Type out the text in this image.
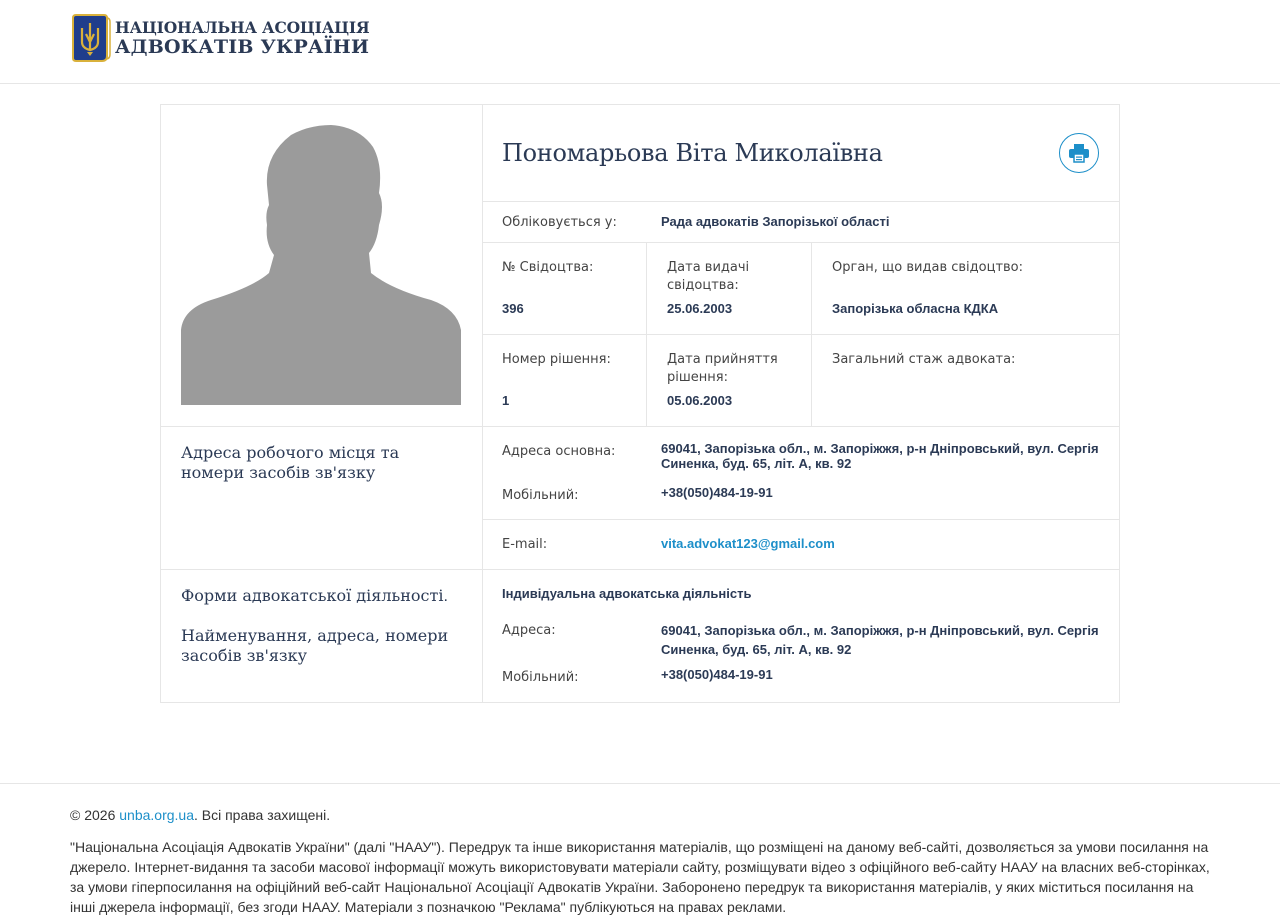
НАЦІОНАЛЬНА АСОЦІАЦІЯ
АДВОКАТІВ УКРАЇНИ
Пономарьова Віта Миколаївна
Обліковується у:	Рада адвокатів Запорізької області
№ Свідоцтва:
396
Дата видачі свідоцтва:
25.06.2003
Орган, що видав свідоцтво:
Запорізька обласна КДКА
Номер рішення:
1
Дата прийняття рішення:
05.06.2003
Загальний стаж адвоката:
Адреса робочого місця та номери засобів зв'язку
Адреса основна:	69041, Запорізька обл., м. Запоріжжя, р-н Дніпровський, вул. Сергія Синенка, буд. 65, літ. А, кв. 92
Мобільний:	+38(050)484-19-91
E-mail:	vita.advokat123@gmail.com
Форми адвокатської діяльності.
Найменування, адреса, номери засобів зв'язку
Індивідуальна адвокатська діяльність
Адреса:	69041, Запорізька обл., м. Запоріжжя, р-н Дніпровський, вул. Сергія Синенка, буд. 65, літ. А, кв. 92
Мобільний:	+38(050)484-19-91
© 2026 unba.org.ua. Всі права захищені.
"Національна Асоціація Адвокатів України" (далі "НААУ"). Передрук та інше використання матеріалів, що розміщені на даному веб-сайті, дозволяється за умови посилання на джерело. Інтернет-видання та засоби масової інформації можуть використовувати матеріали сайту, розміщувати відео з офіційного веб-сайту НААУ на власних веб-сторінках, за умови гіперпосилання на офіційний веб-сайт Національної Асоціації Адвокатів України. Заборонено передрук та використання матеріалів, у яких міститься посилання на інші джерела інформації, без згоди НААУ. Матеріали з позначкою "Реклама" публікуються на правах реклами.
